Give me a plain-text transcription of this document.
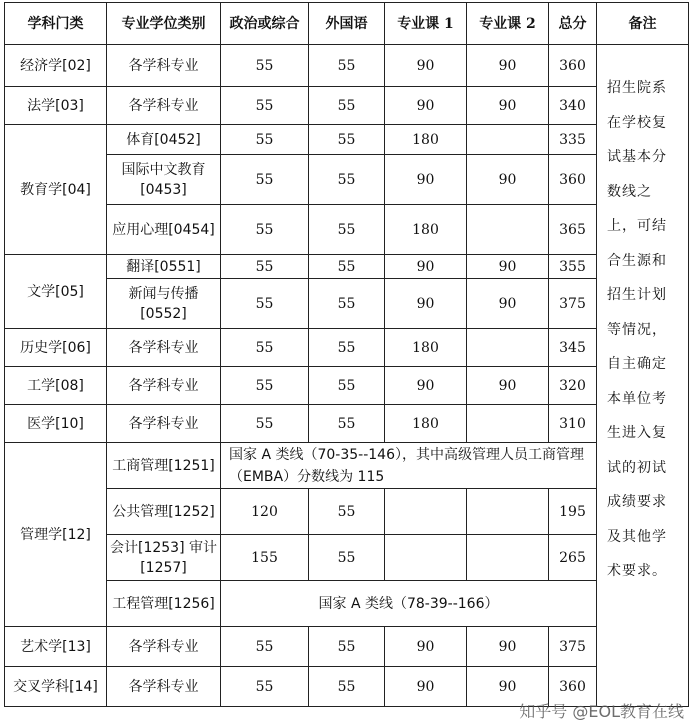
学科门类	专业学位类别	政治或综合	外国语	专业课 1	专业课 2	总分	备注
经济学[02]	各学科专业	55	55	90	90	360	招生院系在学校复试基本分数线之上，可结合生源和招生计划等情况，自主确定本单位考生进入复试的初试成绩要求及其他学术要求。
法学[03]	各学科专业	55	55	90	90	340	
教育学[04]	体育[0452]	55	55	180		335	
	国际中文教育[0453]	55	55	90	90	360	
	应用心理[0454]	55	55	180		365	
文学[05]	翻译[0551]	55	55	90	90	355	
	新闻与传播[0552]	55	55	90	90	375	
历史学[06]	各学科专业	55	55	180		345	
工学[08]	各学科专业	55	55	90	90	320	
医学[10]	各学科专业	55	55	180		310	
管理学[12]	工商管理[1251]	国家 A 类线（70-35--146），其中高级管理人员工商管理（EMBA）分数线为 115					
	公共管理[1252]	120	55			195	
	会计[1253] 审计[1257]	155	55			265	
	工程管理[1256]	国家 A 类线（78-39--166）					
艺术学[13]	各学科专业	55	55	90	90	375	
交叉学科[14]	各学科专业	55	55	90	90	360	
知乎号 @EOL教育在线
